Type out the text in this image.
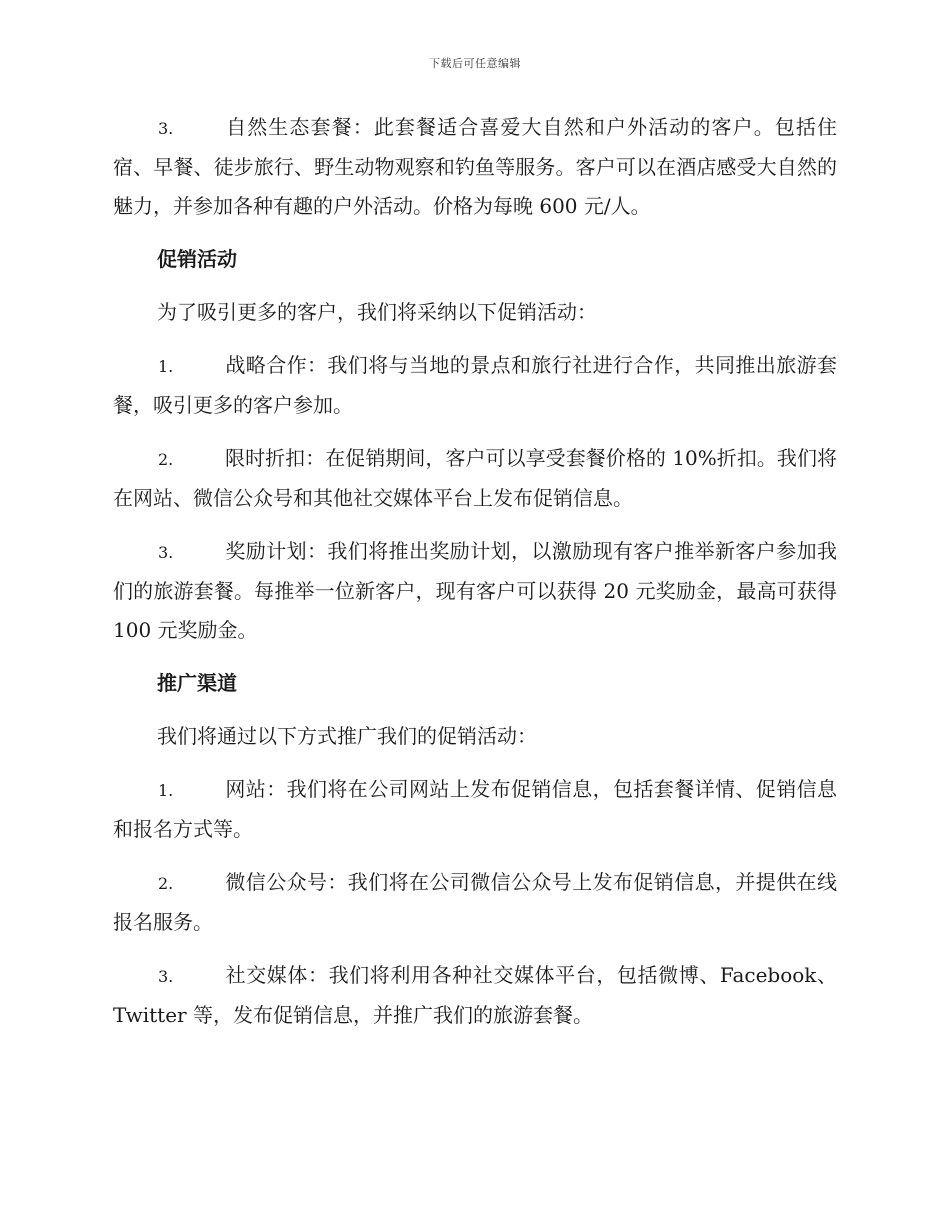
下载后可任意编辑

3.	自然生态套餐：此套餐适合喜爱大自然和户外活动的客户。包括住宿、早餐、徒步旅行、野生动物观察和钓鱼等服务。客户可以在酒店感受大自然的魅力，并参加各种有趣的户外活动。价格为每晚 600 元/人。

促销活动

为了吸引更多的客户，我们将采纳以下促销活动：

1.	战略合作：我们将与当地的景点和旅行社进行合作，共同推出旅游套餐，吸引更多的客户参加。

2.	限时折扣：在促销期间，客户可以享受套餐价格的 10%折扣。我们将在网站、微信公众号和其他社交媒体平台上发布促销信息。

3.	奖励计划：我们将推出奖励计划，以激励现有客户推举新客户参加我们的旅游套餐。每推举一位新客户，现有客户可以获得 20 元奖励金，最高可获得 100 元奖励金。

推广渠道

我们将通过以下方式推广我们的促销活动：

1.	网站：我们将在公司网站上发布促销信息，包括套餐详情、促销信息和报名方式等。

2.	微信公众号：我们将在公司微信公众号上发布促销信息，并提供在线报名服务。

3.	社交媒体：我们将利用各种社交媒体平台，包括微博、Facebook、Twitter 等，发布促销信息，并推广我们的旅游套餐。
